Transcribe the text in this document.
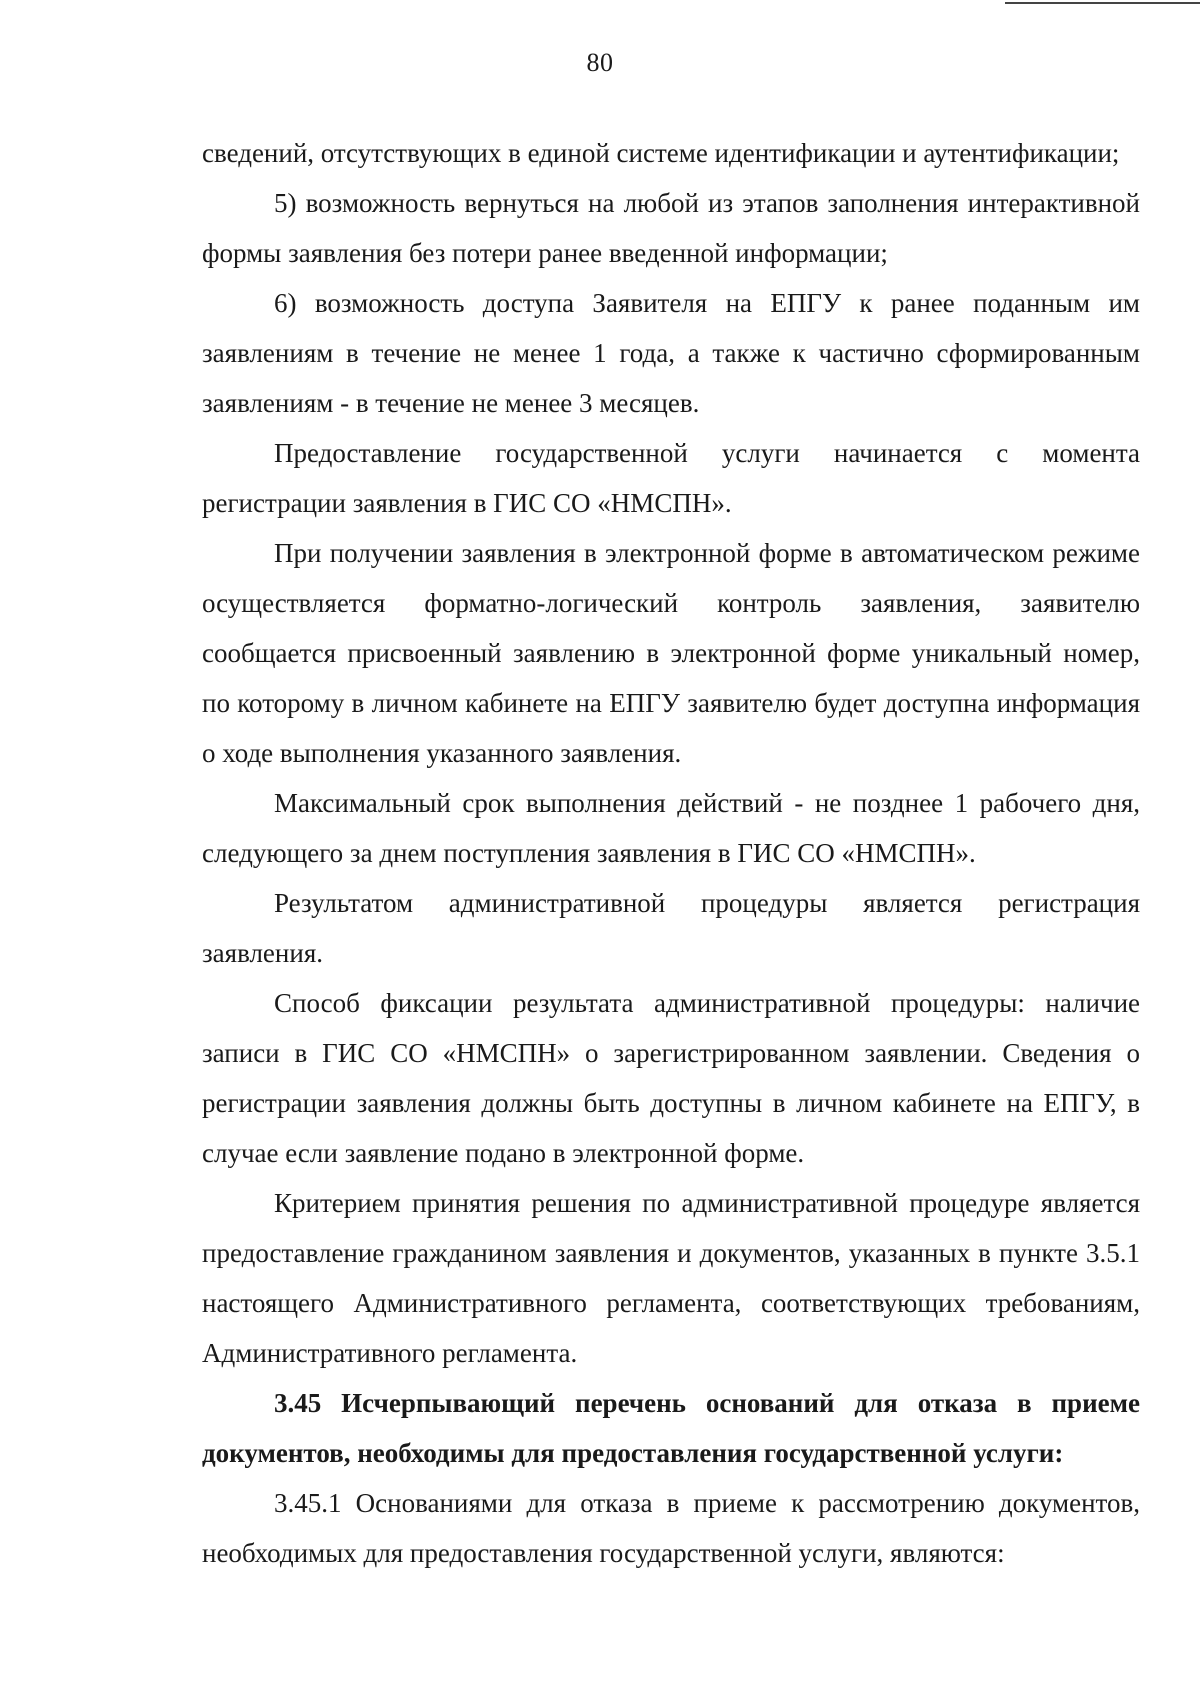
80

сведений, отсутствующих в единой системе идентификации и аутентификации;

5) возможность вернуться на любой из этапов заполнения интерактивной формы заявления без потери ранее введенной информации;

6) возможность доступа Заявителя на ЕПГУ к ранее поданным им заявлениям в течение не менее 1 года, а также к частично сформированным заявлениям - в течение не менее 3 месяцев.

Предоставление государственной услуги начинается с момента регистрации заявления в ГИС СО «НМСПН».

При получении заявления в электронной форме в автоматическом режиме осуществляется форматно-логический контроль заявления, заявителю сообщается присвоенный заявлению в электронной форме уникальный номер, по которому в личном кабинете на ЕПГУ заявителю будет доступна информация о ходе выполнения указанного заявления.

Максимальный срок выполнения действий - не позднее 1 рабочего дня, следующего за днем поступления заявления в ГИС СО «НМСПН».

Результатом административной процедуры является регистрация заявления.

Способ фиксации результата административной процедуры: наличие записи в ГИС СО «НМСПН» о зарегистрированном заявлении. Сведения о регистрации заявления должны быть доступны в личном кабинете на ЕПГУ, в случае если заявление подано в электронной форме.

Критерием принятия решения по административной процедуре является предоставление гражданином заявления и документов, указанных в пункте 3.5.1 настоящего Административного регламента, соответствующих требованиям, Административного регламента.

3.45 Исчерпывающий перечень оснований для отказа в приеме документов, необходимы для предоставления государственной услуги:

3.45.1 Основаниями для отказа в приеме к рассмотрению документов, необходимых для предоставления государственной услуги, являются:
